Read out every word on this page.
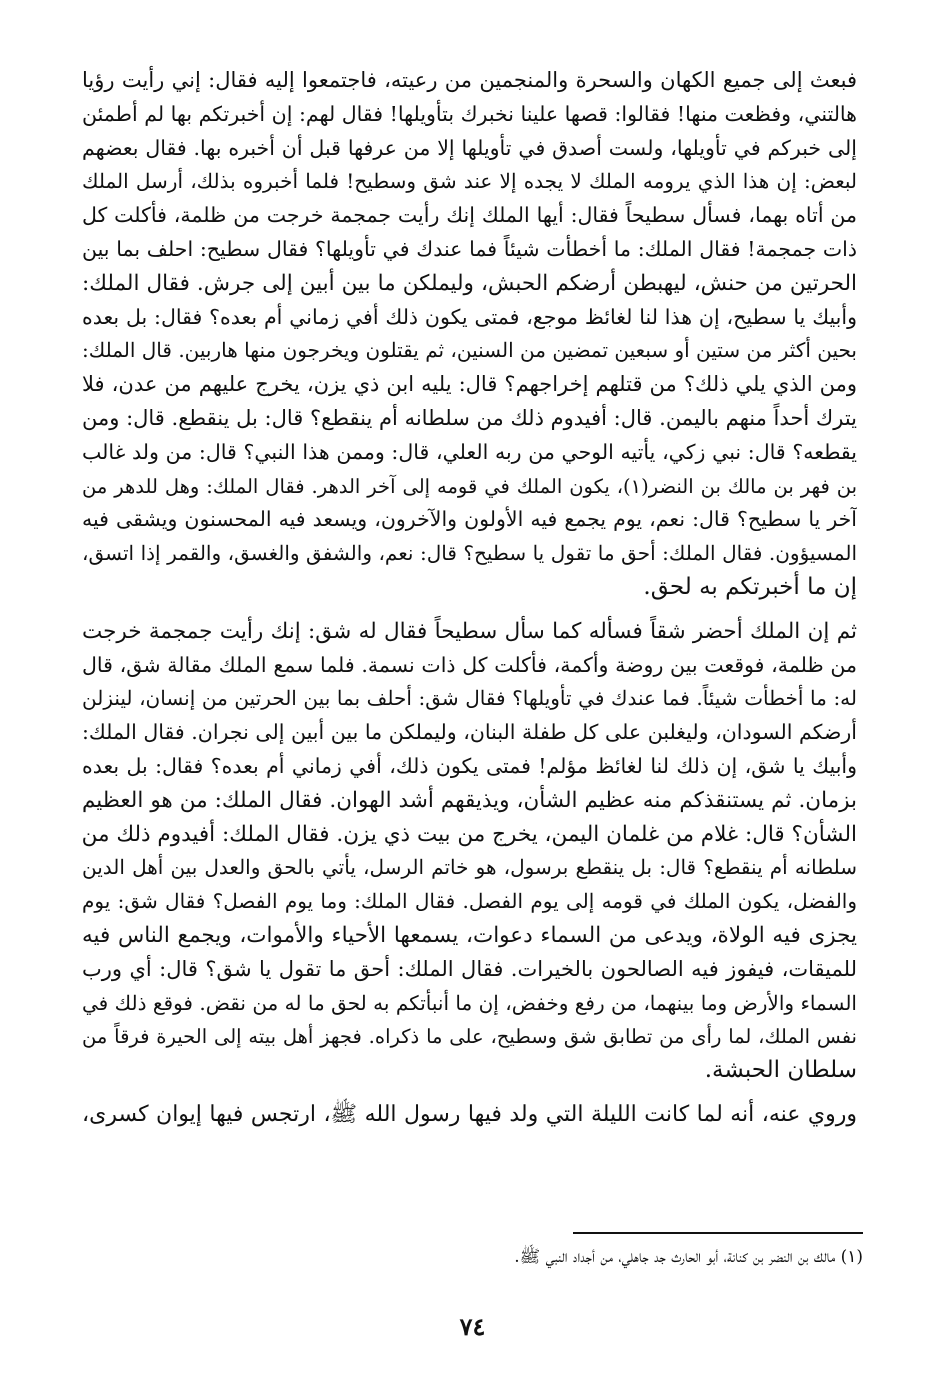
فبعث إلى جميع الكهان والسحرة والمنجمين من رعيته، فاجتمعوا إليه فقال: إني رأيت رؤيا
هالتني، وفظعت منها! فقالوا: قصها علينا نخبرك بتأويلها! فقال لهم: إن أخبرتكم بها لم أطمئن
إلى خبركم في تأويلها، ولست أصدق في تأويلها إلا من عرفها قبل أن أخبره بها. فقال بعضهم
لبعض: إن هذا الذي يرومه الملك لا يجده إلا عند شق وسطيح! فلما أخبروه بذلك، أرسل الملك
من أتاه بهما، فسأل سطيحاً فقال: أيها الملك إنك رأيت جمجمة خرجت من ظلمة، فأكلت كل
ذات جمجمة! فقال الملك: ما أخطأت شيئاً فما عندك في تأويلها؟ فقال سطيح: احلف بما بين
الحرتين من حنش، ليهبطن أرضكم الحبش، وليملكن ما بين أبين إلى جرش. فقال الملك:
وأبيك يا سطيح، إن هذا لنا لغائظ موجع، فمتى يكون ذلك أفي زماني أم بعده؟ فقال: بل بعده
بحين أكثر من ستين أو سبعين تمضين من السنين، ثم يقتلون ويخرجون منها هاربين. قال الملك:
ومن الذي يلي ذلك؟ من قتلهم إخراجهم؟ قال: يليه ابن ذي يزن، يخرج عليهم من عدن، فلا
يترك أحداً منهم باليمن. قال: أفيدوم ذلك من سلطانه أم ينقطع؟ قال: بل ينقطع. قال: ومن
يقطعه؟ قال: نبي زكي، يأتيه الوحي من ربه العلي، قال: وممن هذا النبي؟ قال: من ولد غالب
بن فهر بن مالك بن النضر(١)، يكون الملك في قومه إلى آخر الدهر. فقال الملك: وهل للدهر من
آخر يا سطيح؟ قال: نعم، يوم يجمع فيه الأولون والآخرون، ويسعد فيه المحسنون ويشقى فيه
المسيؤون. فقال الملك: أحق ما تقول يا سطيح؟ قال: نعم، والشفق والغسق، والقمر إذا اتسق،
إن ما أخبرتكم به لحق.

ثم إن الملك أحضر شقاً فسأله كما سأل سطيحاً فقال له شق: إنك رأيت جمجمة خرجت
من ظلمة، فوقعت بين روضة وأكمة، فأكلت كل ذات نسمة. فلما سمع الملك مقالة شق، قال
له: ما أخطأت شيئاً. فما عندك في تأويلها؟ فقال شق: أحلف بما بين الحرتين من إنسان، لينزلن
أرضكم السودان، وليغلبن على كل طفلة البنان، وليملكن ما بين أبين إلى نجران. فقال الملك:
وأبيك يا شق، إن ذلك لنا لغائظ مؤلم! فمتى يكون ذلك، أفي زماني أم بعده؟ فقال: بل بعده
بزمان. ثم يستنقذكم منه عظيم الشأن، ويذيقهم أشد الهوان. فقال الملك: من هو العظيم
الشأن؟ قال: غلام من غلمان اليمن، يخرج من بيت ذي يزن. فقال الملك: أفيدوم ذلك من
سلطانه أم ينقطع؟ قال: بل ينقطع برسول، هو خاتم الرسل، يأتي بالحق والعدل بين أهل الدين
والفضل، يكون الملك في قومه إلى يوم الفصل. فقال الملك: وما يوم الفصل؟ فقال شق: يوم
يجزى فيه الولاة، ويدعى من السماء دعوات، يسمعها الأحياء والأموات، ويجمع الناس فيه
للميقات، فيفوز فيه الصالحون بالخيرات. فقال الملك: أحق ما تقول يا شق؟ قال: أي ورب
السماء والأرض وما بينهما، من رفع وخفض، إن ما أنبأتكم به لحق ما له من نقض. فوقع ذلك في
نفس الملك، لما رأى من تطابق شق وسطيح، على ما ذكراه. فجهز أهل بيته إلى الحيرة فرقاً من
سلطان الحبشة.

وروي عنه، أنه لما كانت الليلة التي ولد فيها رسول الله ﷺ، ارتجس فيها إيوان كسرى،

(١) مالك بن النضر بن كنانة، أبو الحارث جد جاهلي، من أجداد النبي ﷺ.
٧٤
